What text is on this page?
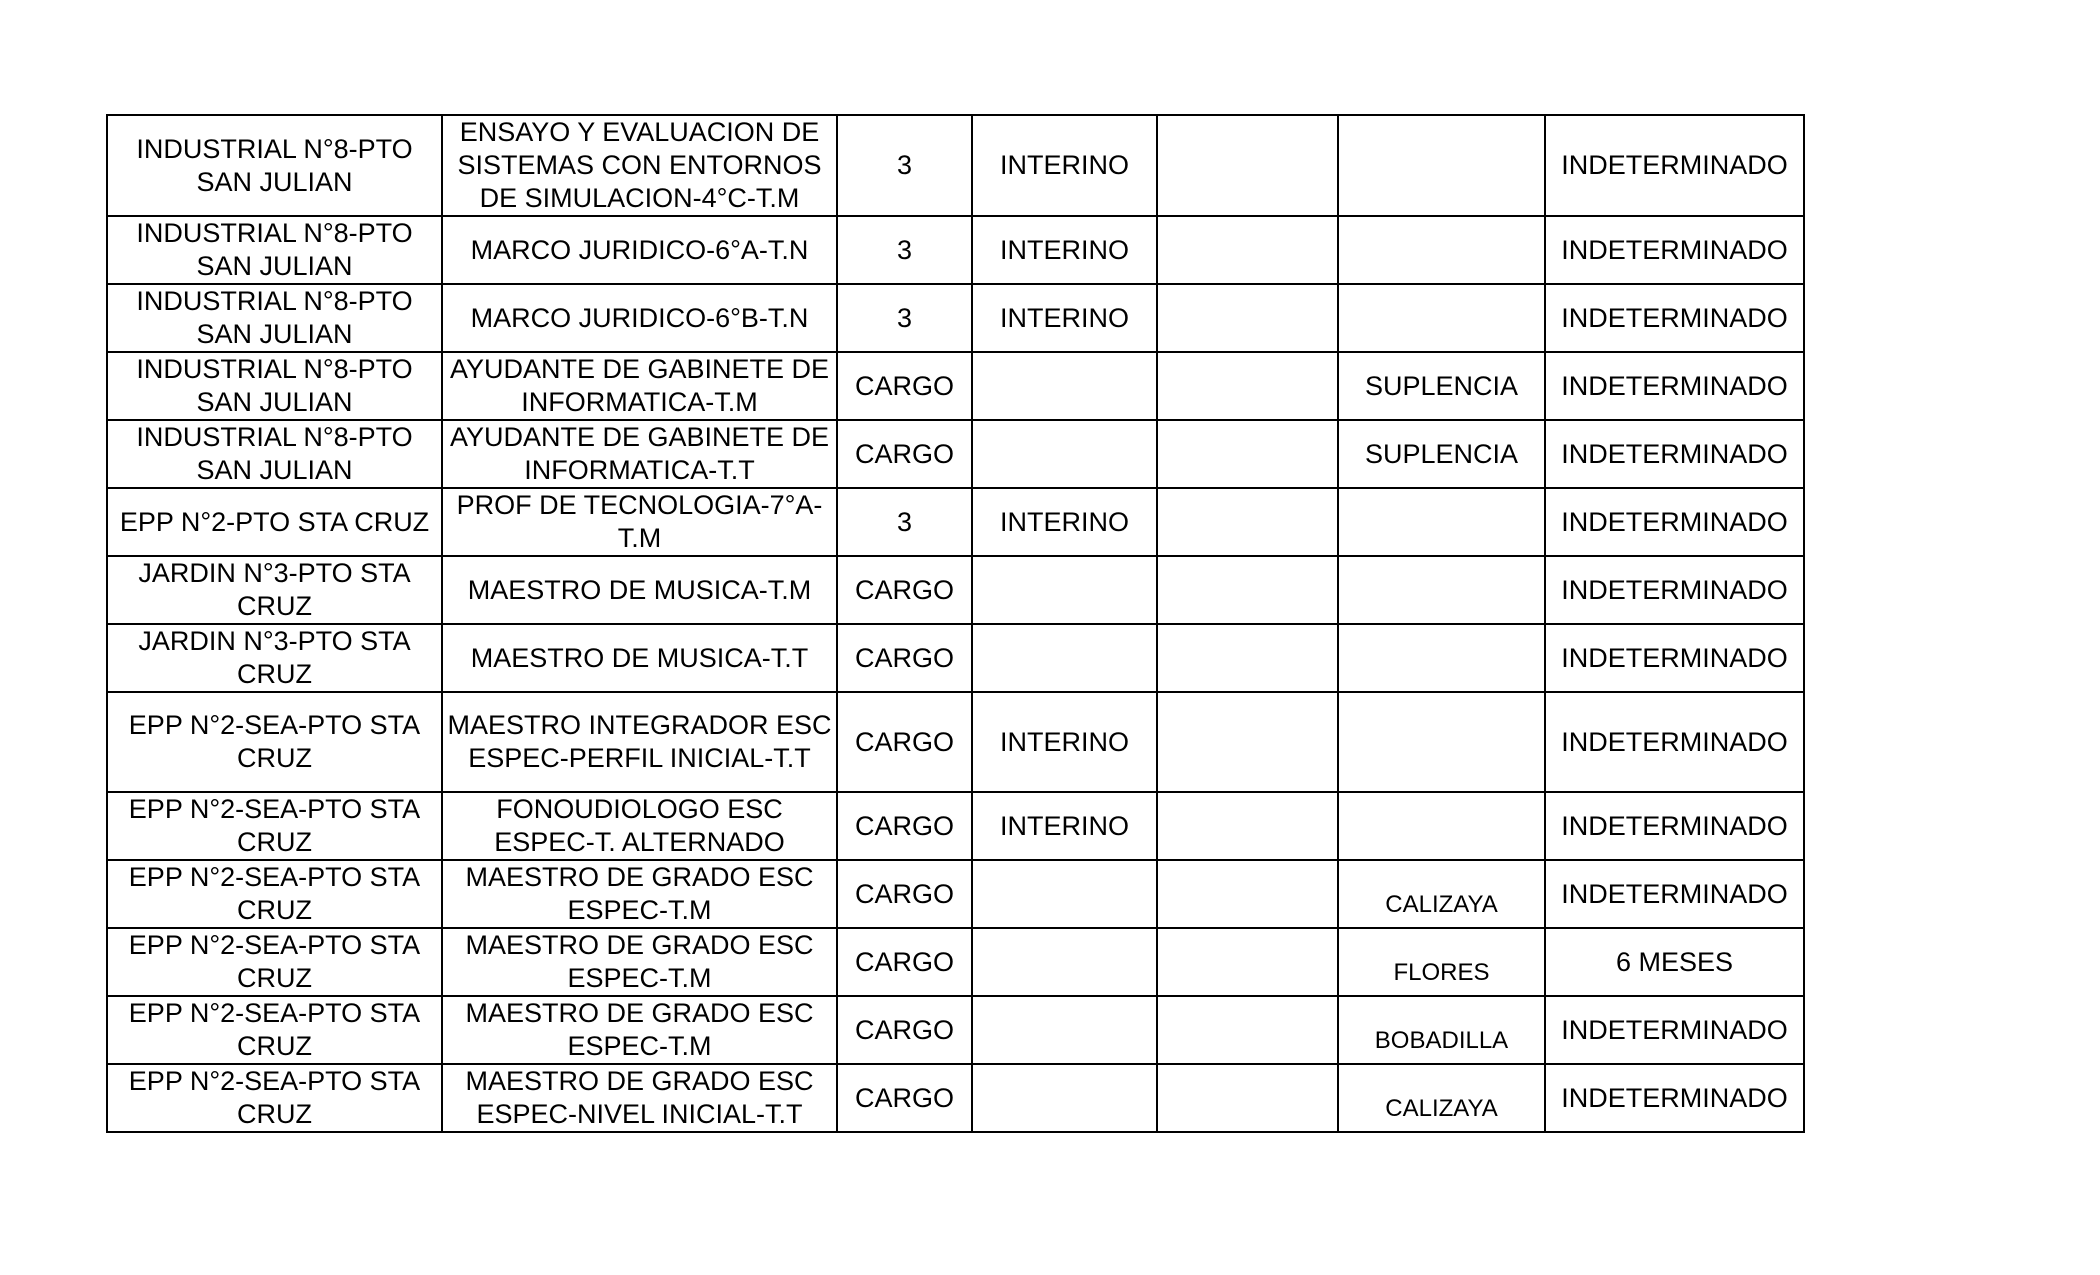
INDUSTRIAL N°8-PTO SAN JULIAN	ENSAYO Y EVALUACION DE SISTEMAS CON ENTORNOS DE SIMULACION-4°C-T.M	3	INTERINO			INDETERMINADO
INDUSTRIAL N°8-PTO SAN JULIAN	MARCO JURIDICO-6°A-T.N	3	INTERINO			INDETERMINADO
INDUSTRIAL N°8-PTO SAN JULIAN	MARCO JURIDICO-6°B-T.N	3	INTERINO			INDETERMINADO
INDUSTRIAL N°8-PTO SAN JULIAN	AYUDANTE DE GABINETE DE INFORMATICA-T.M	CARGO			SUPLENCIA	INDETERMINADO
INDUSTRIAL N°8-PTO SAN JULIAN	AYUDANTE DE GABINETE DE INFORMATICA-T.T	CARGO			SUPLENCIA	INDETERMINADO
EPP N°2-PTO STA CRUZ	PROF DE TECNOLOGIA-7°A-T.M	3	INTERINO			INDETERMINADO
JARDIN N°3-PTO STA CRUZ	MAESTRO DE MUSICA-T.M	CARGO				INDETERMINADO
JARDIN N°3-PTO STA CRUZ	MAESTRO DE MUSICA-T.T	CARGO				INDETERMINADO
EPP N°2-SEA-PTO STA CRUZ	MAESTRO INTEGRADOR ESC ESPEC-PERFIL INICIAL-T.T	CARGO	INTERINO			INDETERMINADO
EPP N°2-SEA-PTO STA CRUZ	FONOUDIOLOGO ESC ESPEC-T. ALTERNADO	CARGO	INTERINO			INDETERMINADO
EPP N°2-SEA-PTO STA CRUZ	MAESTRO DE GRADO ESC ESPEC-T.M	CARGO			CALIZAYA	INDETERMINADO
EPP N°2-SEA-PTO STA CRUZ	MAESTRO DE GRADO ESC ESPEC-T.M	CARGO			FLORES	6 MESES
EPP N°2-SEA-PTO STA CRUZ	MAESTRO DE GRADO ESC ESPEC-T.M	CARGO			BOBADILLA	INDETERMINADO
EPP N°2-SEA-PTO STA CRUZ	MAESTRO DE GRADO ESC ESPEC-NIVEL INICIAL-T.T	CARGO			CALIZAYA	INDETERMINADO
